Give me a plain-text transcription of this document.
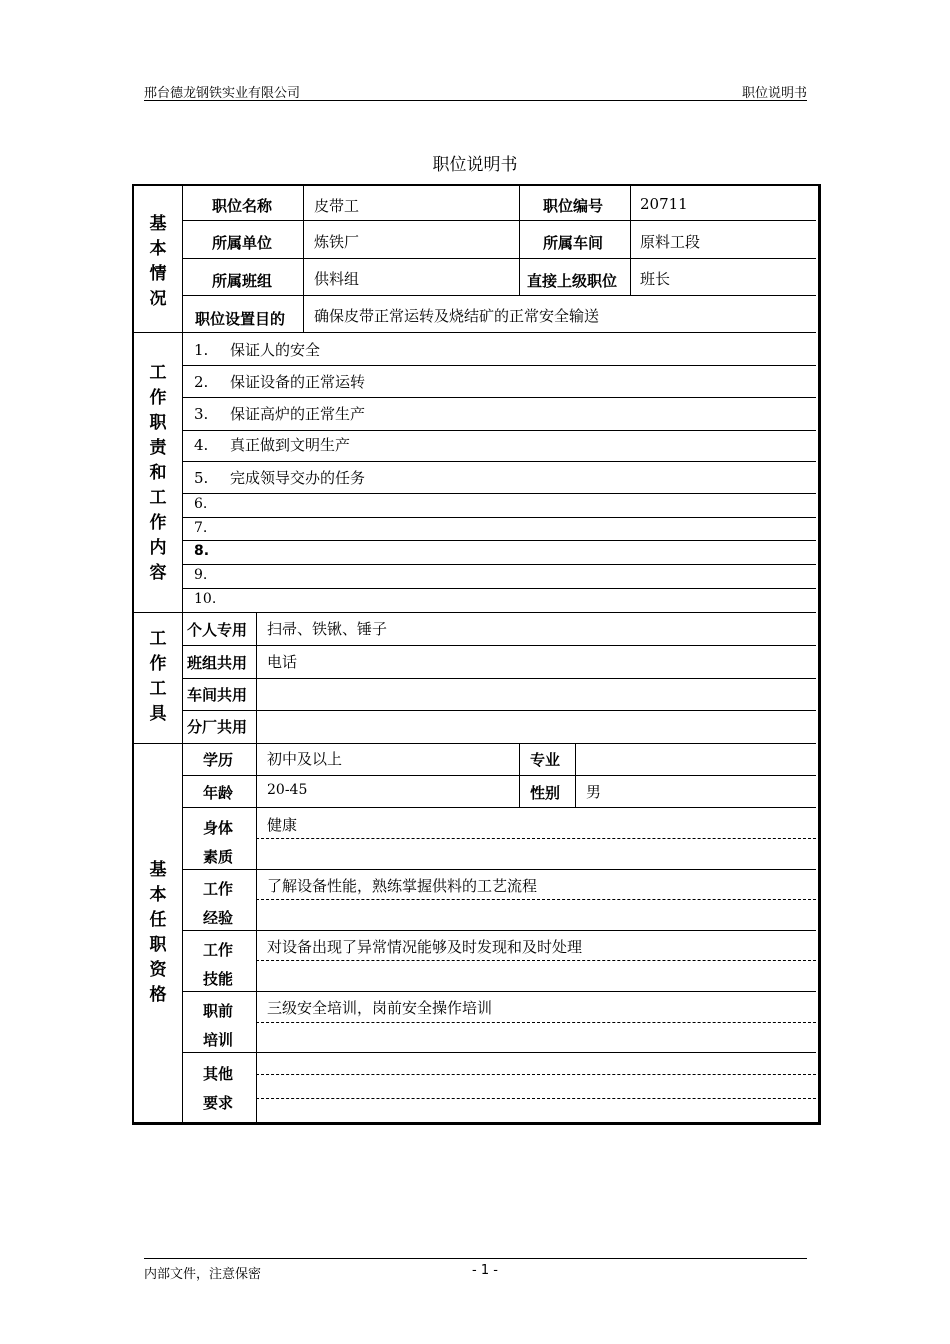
邢台德龙钢铁实业有限公司	职位说明书
职位说明书
基
本
情
况
职位名称	皮带工	职位编号 20711
所属单位	炼铁厂	所属车间 原料工段
所属班组	供料组	直接上级职位 班长
职位设置目的 确保皮带正常运转及烧结矿的正常安全输送
工
作
职
责
和
工
作
内
容
1. 保证人的安全
2. 保证设备的正常运转
3. 保证高炉的正常生产
4. 真正做到文明生产
5. 完成领导交办的任务
6.
7.
8.
9.
10.
工
作
工
具
个人专用 扫帚、铁锹、锤子
班组共用 电话
车间共用
分厂共用
基
本
任
职
资
格
学历 初中及以上	专业
年龄 20-45	性别 男
身体
素质
健康
工作
经验
了解设备性能，熟练掌握供料的工艺流程
工作
技能
对设备出现了异常情况能够及时发现和及时处理
职前
培训
三级安全培训，岗前安全操作培训
其他
要求
内部文件，注意保密	- 1 -
